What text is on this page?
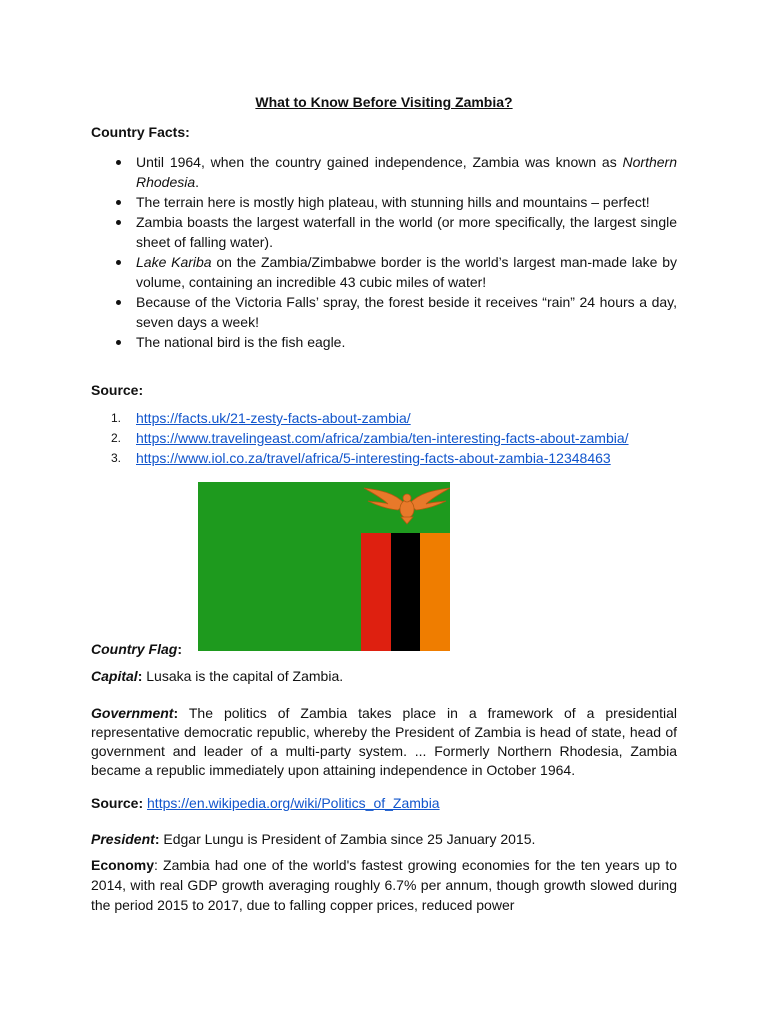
What to Know Before Visiting Zambia?
Country Facts:
Until 1964, when the country gained independence, Zambia was known as Northern Rhodesia.
The terrain here is mostly high plateau, with stunning hills and mountains – perfect!
Zambia boasts the largest waterfall in the world (or more specifically, the largest single sheet of falling water).
Lake Kariba on the Zambia/Zimbabwe border is the world’s largest man-made lake by volume, containing an incredible 43 cubic miles of water!
Because of the Victoria Falls’ spray, the forest beside it receives “rain” 24 hours a day, seven days a week!
The national bird is the fish eagle.
Source:
1. https://facts.uk/21-zesty-facts-about-zambia/
2. https://www.travelingeast.com/africa/zambia/ten-interesting-facts-about-zambia/
3. https://www.iol.co.za/travel/africa/5-interesting-facts-about-zambia-12348463
Country Flag:
Capital: Lusaka is the capital of Zambia.
Government: The politics of Zambia takes place in a framework of a presidential representative democratic republic, whereby the President of Zambia is head of state, head of government and leader of a multi-party system. ... Formerly Northern Rhodesia, Zambia became a republic immediately upon attaining independence in October 1964.
Source: https://en.wikipedia.org/wiki/Politics_of_Zambia
President: Edgar Lungu is President of Zambia since 25 January 2015.
Economy: Zambia had one of the world's fastest growing economies for the ten years up to 2014, with real GDP growth averaging roughly 6.7% per annum, though growth slowed during the period 2015 to 2017, due to falling copper prices, reduced power
